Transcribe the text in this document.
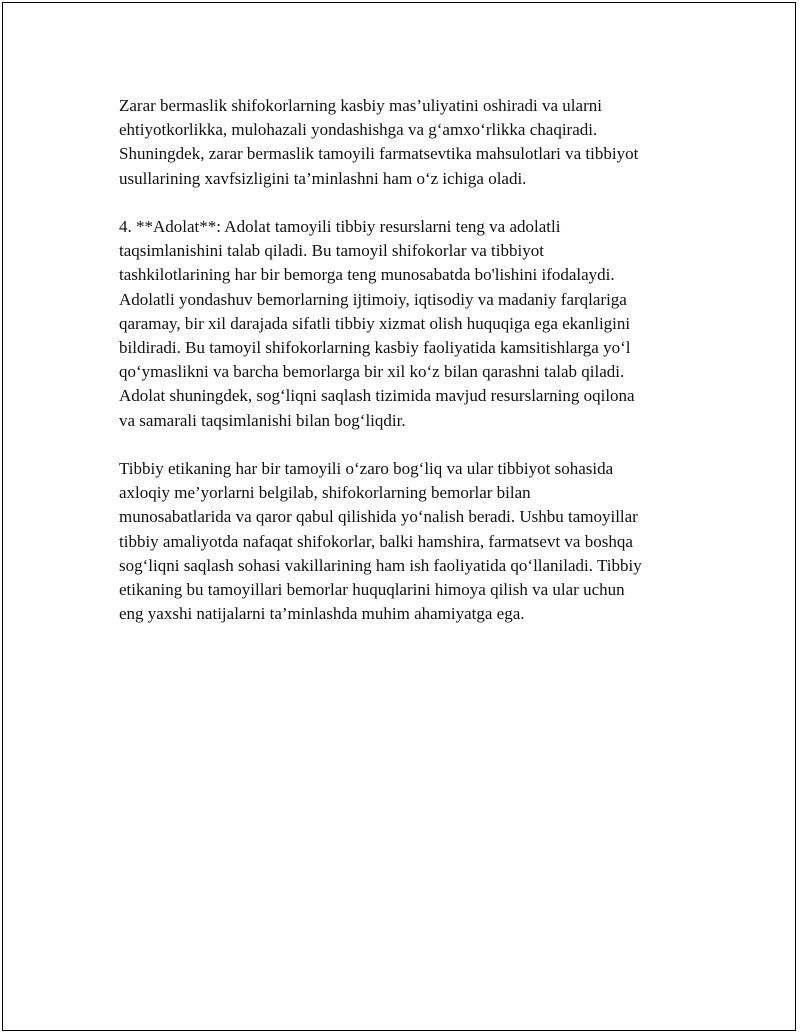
Zarar bermaslik shifokorlarning kasbiy mas’uliyatini oshiradi va ularni
ehtiyotkorlikka, mulohazali yondashishga va g‘amxo‘rlikka chaqiradi.
Shuningdek, zarar bermaslik tamoyili farmatsevtika mahsulotlari va tibbiyot
usullarining xavfsizligini ta’minlashni ham o‘z ichiga oladi.

4. **Adolat**: Adolat tamoyili tibbiy resurslarni teng va adolatli
taqsimlanishini talab qiladi. Bu tamoyil shifokorlar va tibbiyot
tashkilotlarining har bir bemorga teng munosabatda bo'lishini ifodalaydi.
Adolatli yondashuv bemorlarning ijtimoiy, iqtisodiy va madaniy farqlariga
qaramay, bir xil darajada sifatli tibbiy xizmat olish huquqiga ega ekanligini
bildiradi. Bu tamoyil shifokorlarning kasbiy faoliyatida kamsitishlarga yo‘l
qo‘ymaslikni va barcha bemorlarga bir xil ko‘z bilan qarashni talab qiladi.
Adolat shuningdek, sog‘liqni saqlash tizimida mavjud resurslarning oqilona
va samarali taqsimlanishi bilan bog‘liqdir.

Tibbiy etikaning har bir tamoyili o‘zaro bog‘liq va ular tibbiyot sohasida
axloqiy me’yorlarni belgilab, shifokorlarning bemorlar bilan
munosabatlarida va qaror qabul qilishida yo‘nalish beradi. Ushbu tamoyillar
tibbiy amaliyotda nafaqat shifokorlar, balki hamshira, farmatsevt va boshqa
sog‘liqni saqlash sohasi vakillarining ham ish faoliyatida qo‘llaniladi. Tibbiy
etikaning bu tamoyillari bemorlar huquqlarini himoya qilish va ular uchun
eng yaxshi natijalarni ta’minlashda muhim ahamiyatga ega.
